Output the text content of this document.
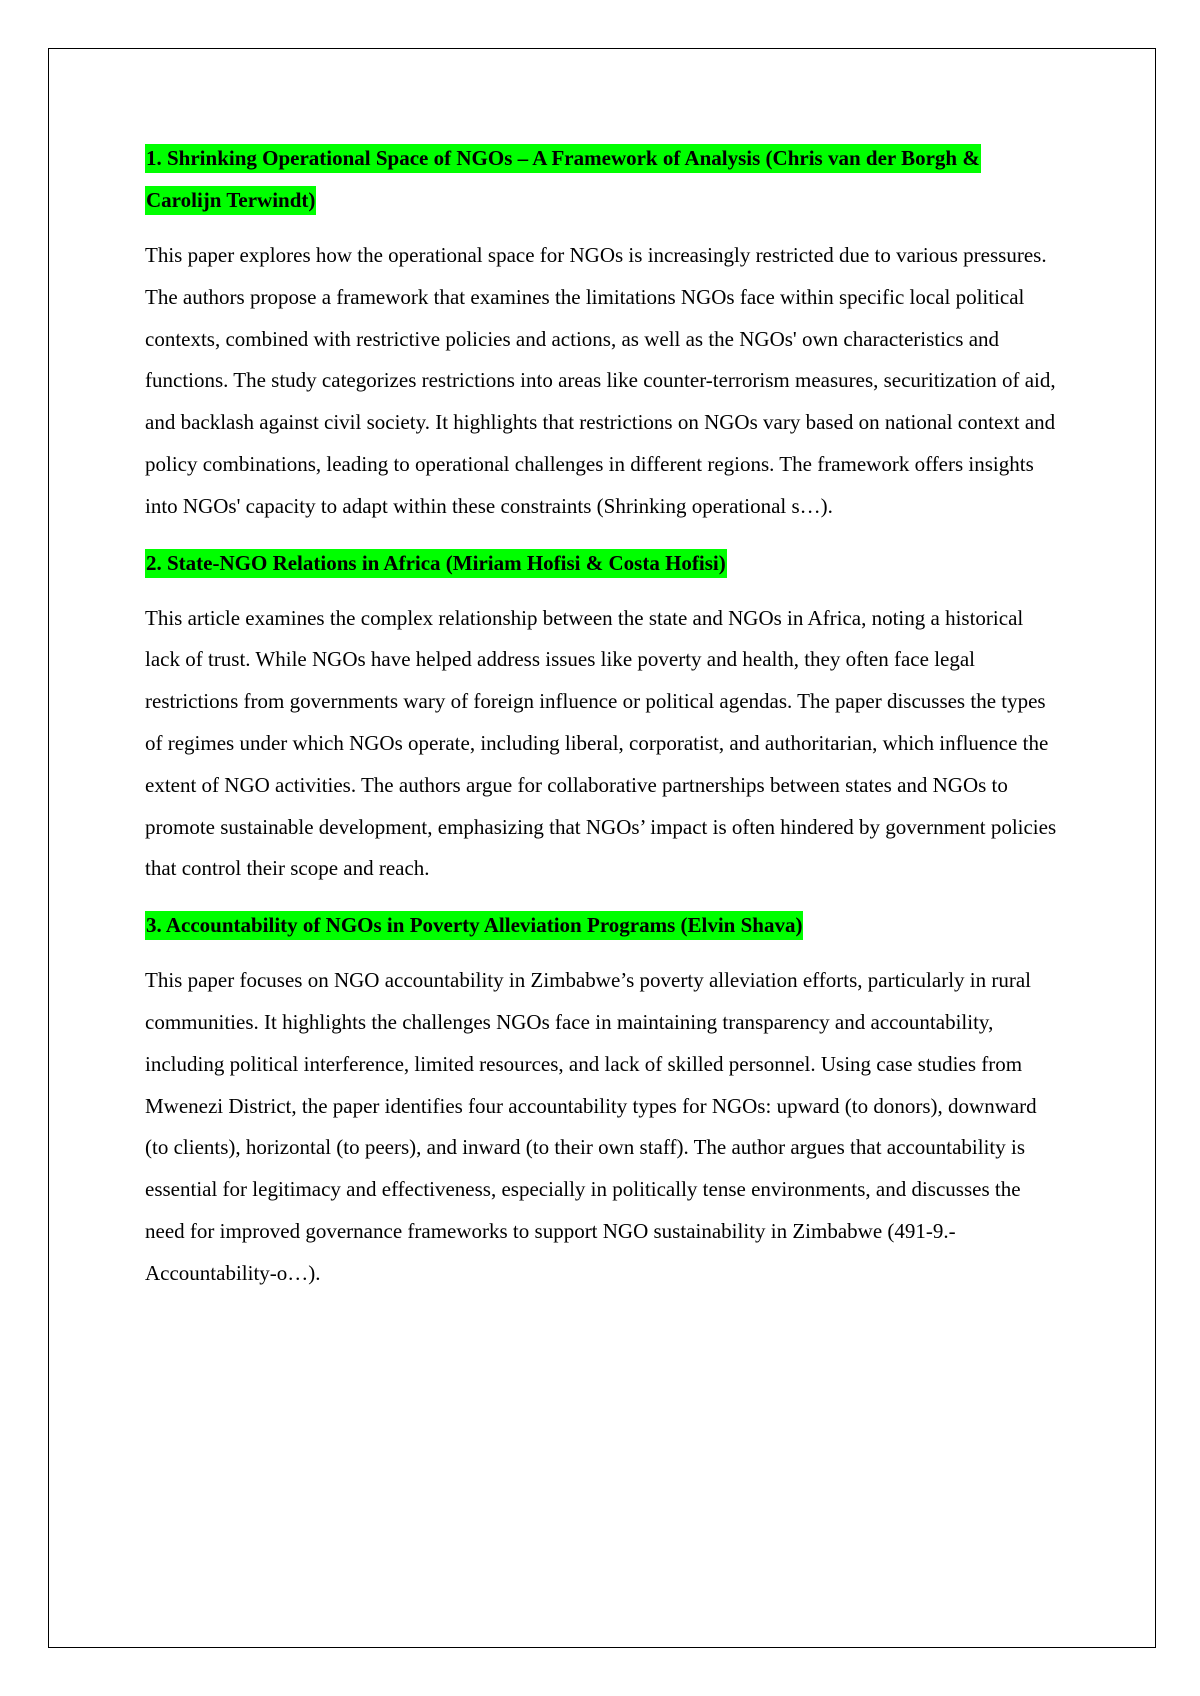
1. Shrinking Operational Space of NGOs – A Framework of Analysis (Chris van der Borgh & Carolijn Terwindt)

This paper explores how the operational space for NGOs is increasingly restricted due to various pressures. The authors propose a framework that examines the limitations NGOs face within specific local political contexts, combined with restrictive policies and actions, as well as the NGOs' own characteristics and functions. The study categorizes restrictions into areas like counter-terrorism measures, securitization of aid, and backlash against civil society. It highlights that restrictions on NGOs vary based on national context and policy combinations, leading to operational challenges in different regions. The framework offers insights into NGOs' capacity to adapt within these constraints (Shrinking operational s…).

2. State-NGO Relations in Africa (Miriam Hofisi & Costa Hofisi)

This article examines the complex relationship between the state and NGOs in Africa, noting a historical lack of trust. While NGOs have helped address issues like poverty and health, they often face legal restrictions from governments wary of foreign influence or political agendas. The paper discusses the types of regimes under which NGOs operate, including liberal, corporatist, and authoritarian, which influence the extent of NGO activities. The authors argue for collaborative partnerships between states and NGOs to promote sustainable development, emphasizing that NGOs’ impact is often hindered by government policies that control their scope and reach.

3. Accountability of NGOs in Poverty Alleviation Programs (Elvin Shava)

This paper focuses on NGO accountability in Zimbabwe’s poverty alleviation efforts, particularly in rural communities. It highlights the challenges NGOs face in maintaining transparency and accountability, including political interference, limited resources, and lack of skilled personnel. Using case studies from Mwenezi District, the paper identifies four accountability types for NGOs: upward (to donors), downward (to clients), horizontal (to peers), and inward (to their own staff). The author argues that accountability is essential for legitimacy and effectiveness, especially in politically tense environments, and discusses the need for improved governance frameworks to support NGO sustainability in Zimbabwe (491-9.-Accountability-o…).
